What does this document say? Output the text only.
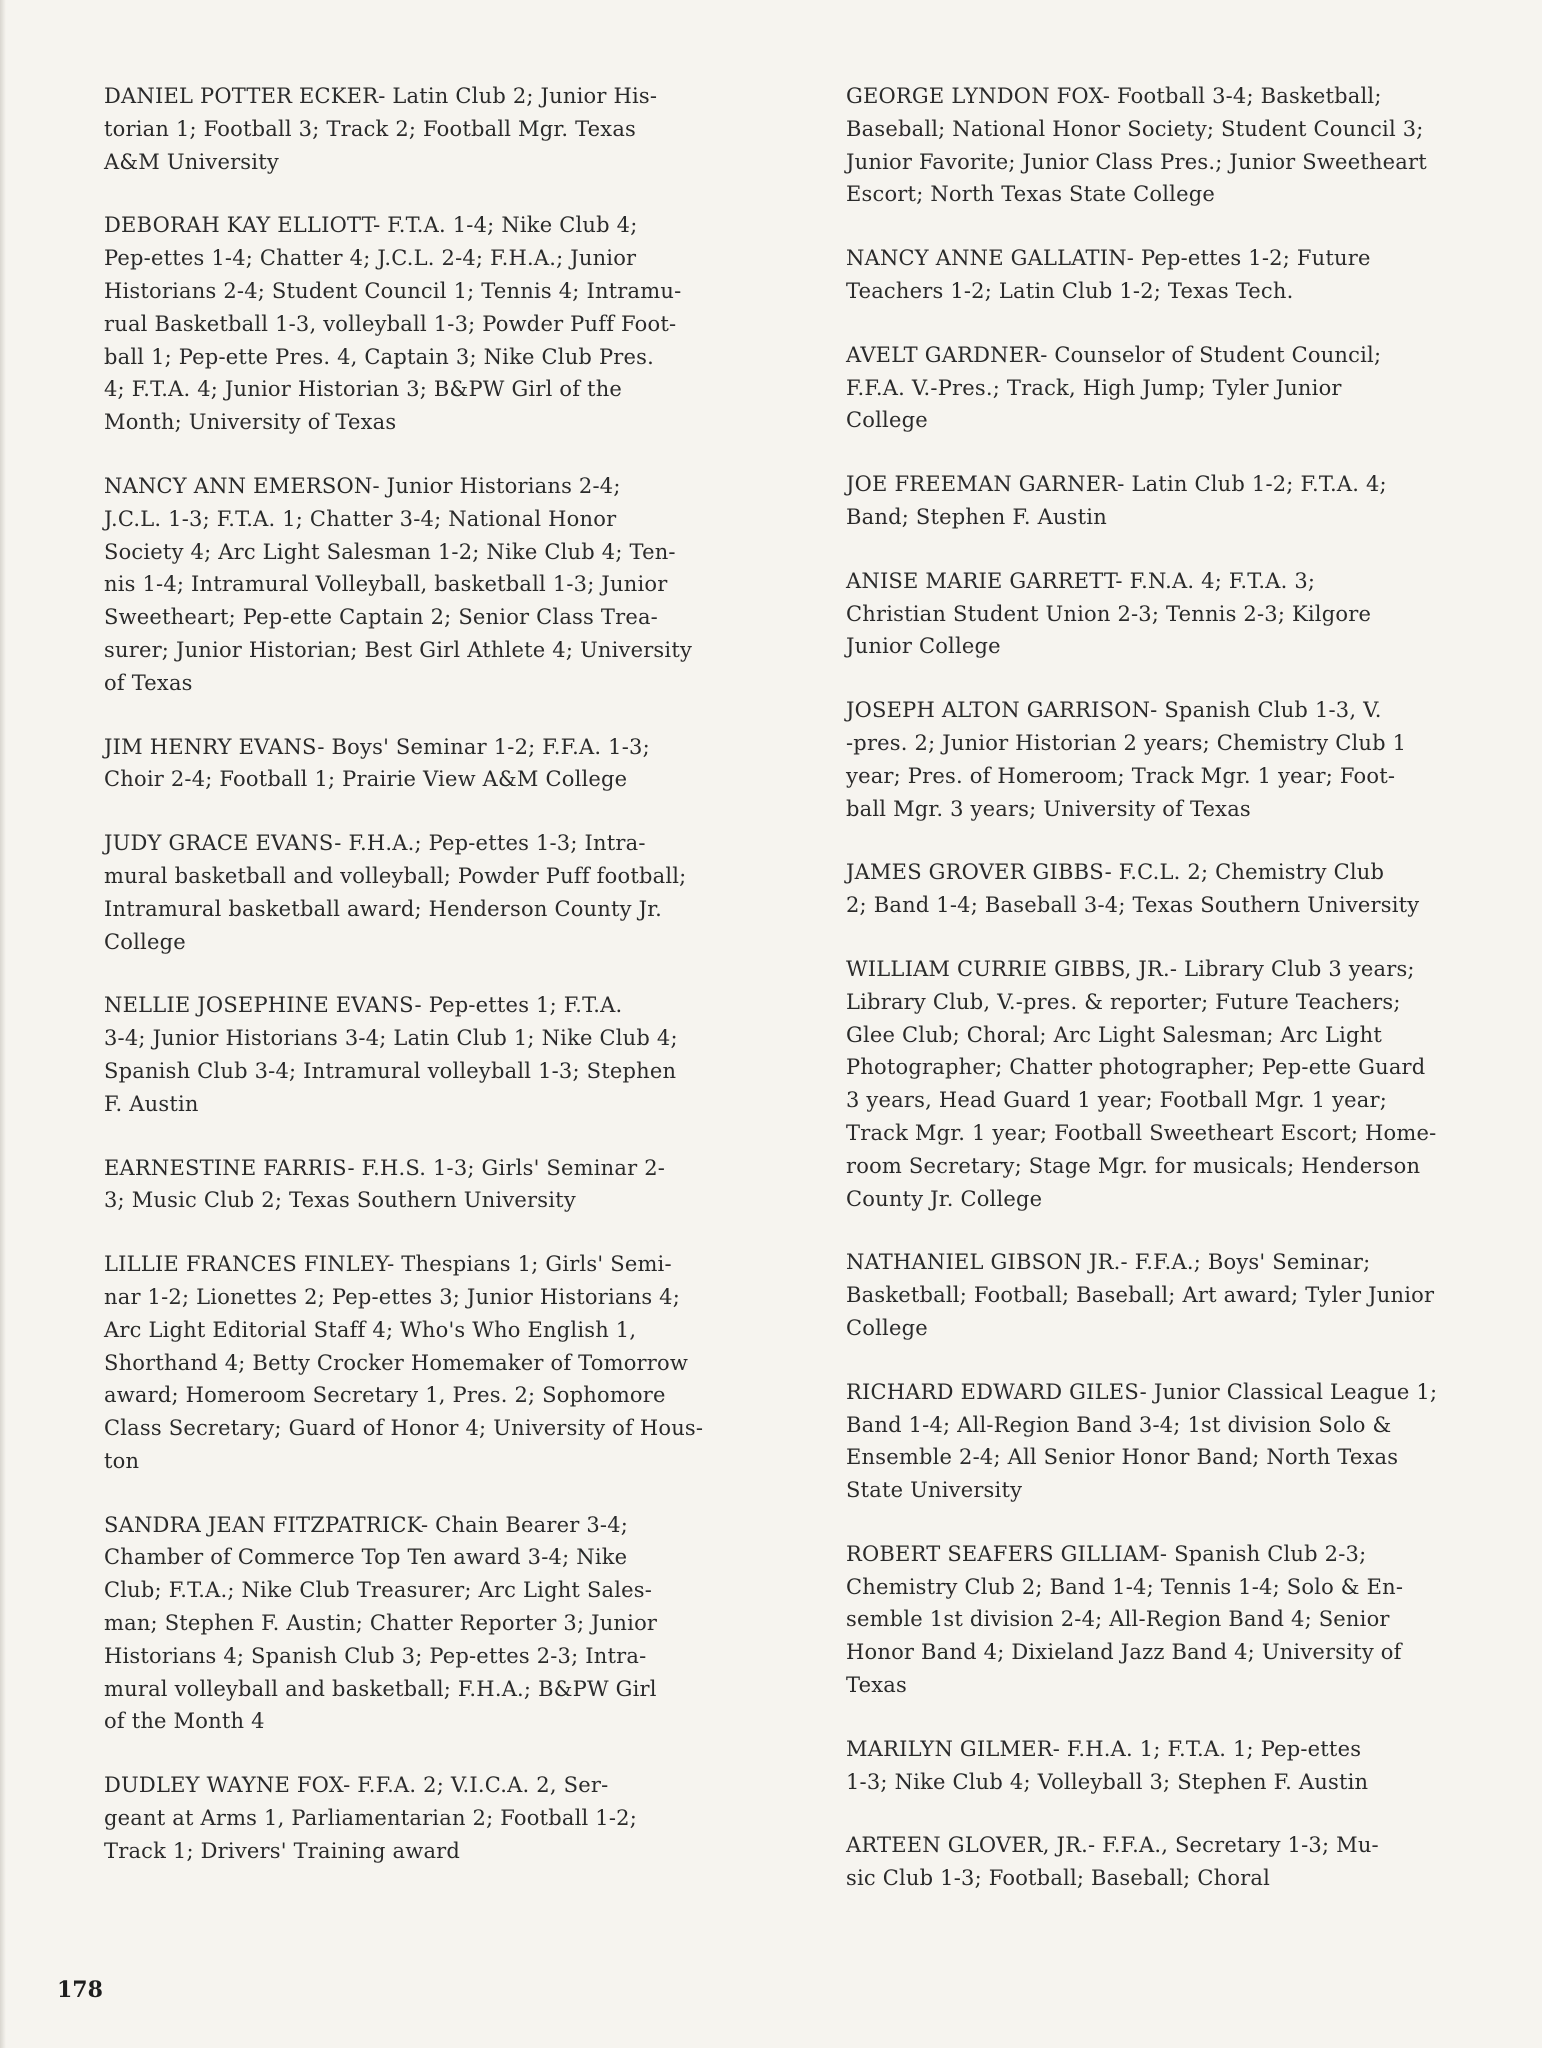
DANIEL POTTER ECKER- Latin Club 2; Junior His-
torian 1; Football 3; Track 2; Football Mgr. Texas
A&M University

DEBORAH KAY ELLIOTT- F.T.A. 1-4; Nike Club 4;
Pep-ettes 1-4; Chatter 4; J.C.L. 2-4; F.H.A.; Junior
Historians 2-4; Student Council 1; Tennis 4; Intramu-
rual Basketball 1-3, volleyball 1-3; Powder Puff Foot-
ball 1; Pep-ette Pres. 4, Captain 3; Nike Club Pres.
4; F.T.A. 4; Junior Historian 3; B&PW Girl of the
Month; University of Texas

NANCY ANN EMERSON- Junior Historians 2-4;
J.C.L. 1-3; F.T.A. 1; Chatter 3-4; National Honor
Society 4; Arc Light Salesman 1-2; Nike Club 4; Ten-
nis 1-4; Intramural Volleyball, basketball 1-3; Junior
Sweetheart; Pep-ette Captain 2; Senior Class Trea-
surer; Junior Historian; Best Girl Athlete 4; University
of Texas

JIM HENRY EVANS- Boys' Seminar 1-2; F.F.A. 1-3;
Choir 2-4; Football 1; Prairie View A&M College

JUDY GRACE EVANS- F.H.A.; Pep-ettes 1-3; Intra-
mural basketball and volleyball; Powder Puff football;
Intramural basketball award; Henderson County Jr.
College

NELLIE JOSEPHINE EVANS- Pep-ettes 1; F.T.A.
3-4; Junior Historians 3-4; Latin Club 1; Nike Club 4;
Spanish Club 3-4; Intramural volleyball 1-3; Stephen
F. Austin

EARNESTINE FARRIS- F.H.S. 1-3; Girls' Seminar 2-
3; Music Club 2; Texas Southern University

LILLIE FRANCES FINLEY- Thespians 1; Girls' Semi-
nar 1-2; Lionettes 2; Pep-ettes 3; Junior Historians 4;
Arc Light Editorial Staff 4; Who's Who English 1,
Shorthand 4; Betty Crocker Homemaker of Tomorrow
award; Homeroom Secretary 1, Pres. 2; Sophomore
Class Secretary; Guard of Honor 4; University of Hous-
ton

SANDRA JEAN FITZPATRICK- Chain Bearer 3-4;
Chamber of Commerce Top Ten award 3-4; Nike
Club; F.T.A.; Nike Club Treasurer; Arc Light Sales-
man; Stephen F. Austin; Chatter Reporter 3; Junior
Historians 4; Spanish Club 3; Pep-ettes 2-3; Intra-
mural volleyball and basketball; F.H.A.; B&PW Girl
of the Month 4

DUDLEY WAYNE FOX- F.F.A. 2; V.I.C.A. 2, Ser-
geant at Arms 1, Parliamentarian 2; Football 1-2;
Track 1; Drivers' Training award

GEORGE LYNDON FOX- Football 3-4; Basketball;
Baseball; National Honor Society; Student Council 3;
Junior Favorite; Junior Class Pres.; Junior Sweetheart
Escort; North Texas State College

NANCY ANNE GALLATIN- Pep-ettes 1-2; Future
Teachers 1-2; Latin Club 1-2; Texas Tech.

AVELT GARDNER- Counselor of Student Council;
F.F.A. V.-Pres.; Track, High Jump; Tyler Junior
College

JOE FREEMAN GARNER- Latin Club 1-2; F.T.A. 4;
Band; Stephen F. Austin

ANISE MARIE GARRETT- F.N.A. 4; F.T.A. 3;
Christian Student Union 2-3; Tennis 2-3; Kilgore
Junior College

JOSEPH ALTON GARRISON- Spanish Club 1-3, V.
-pres. 2; Junior Historian 2 years; Chemistry Club 1
year; Pres. of Homeroom; Track Mgr. 1 year; Foot-
ball Mgr. 3 years; University of Texas

JAMES GROVER GIBBS- F.C.L. 2; Chemistry Club
2; Band 1-4; Baseball 3-4; Texas Southern University

WILLIAM CURRIE GIBBS, JR.- Library Club 3 years;
Library Club, V.-pres. & reporter; Future Teachers;
Glee Club; Choral; Arc Light Salesman; Arc Light
Photographer; Chatter photographer; Pep-ette Guard
3 years, Head Guard 1 year; Football Mgr. 1 year;
Track Mgr. 1 year; Football Sweetheart Escort; Home-
room Secretary; Stage Mgr. for musicals; Henderson
County Jr. College

NATHANIEL GIBSON JR.- F.F.A.; Boys' Seminar;
Basketball; Football; Baseball; Art award; Tyler Junior
College

RICHARD EDWARD GILES- Junior Classical League 1;
Band 1-4; All-Region Band 3-4; 1st division Solo &
Ensemble 2-4; All Senior Honor Band; North Texas
State University

ROBERT SEAFERS GILLIAM- Spanish Club 2-3;
Chemistry Club 2; Band 1-4; Tennis 1-4; Solo & En-
semble 1st division 2-4; All-Region Band 4; Senior
Honor Band 4; Dixieland Jazz Band 4; University of
Texas

MARILYN GILMER- F.H.A. 1; F.T.A. 1; Pep-ettes
1-3; Nike Club 4; Volleyball 3; Stephen F. Austin

ARTEEN GLOVER, JR.- F.F.A., Secretary 1-3; Mu-
sic Club 1-3; Football; Baseball; Choral

178
